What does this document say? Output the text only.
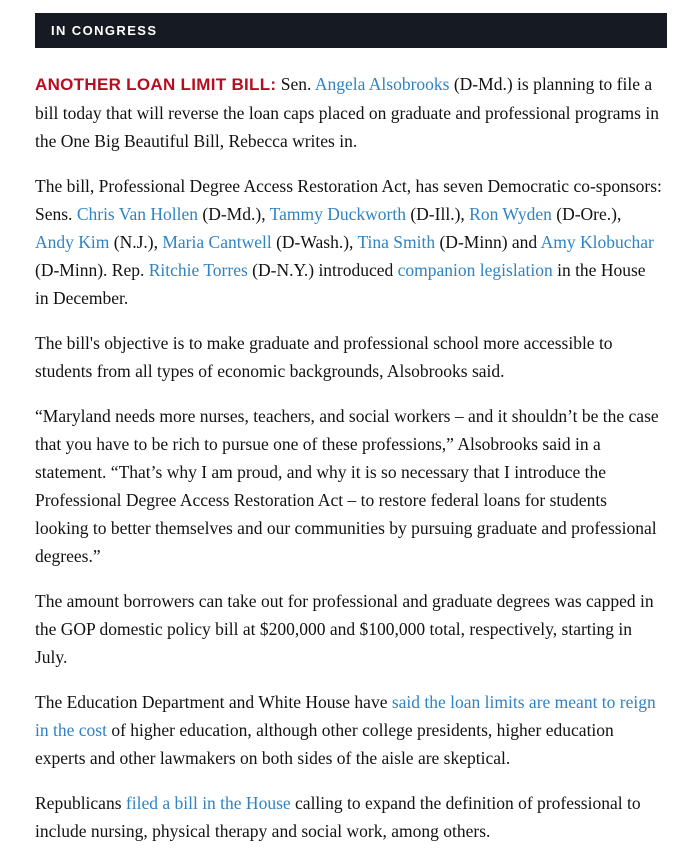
IN CONGRESS

ANOTHER LOAN LIMIT BILL: Sen. Angela Alsobrooks (D-Md.) is planning to file a bill today that will reverse the loan caps placed on graduate and professional programs in the One Big Beautiful Bill, Rebecca writes in.

The bill, Professional Degree Access Restoration Act, has seven Democratic co-sponsors: Sens. Chris Van Hollen (D-Md.), Tammy Duckworth (D-Ill.), Ron Wyden (D-Ore.), Andy Kim (N.J.), Maria Cantwell (D-Wash.), Tina Smith (D-Minn) and Amy Klobuchar (D-Minn). Rep. Ritchie Torres (D-N.Y.) introduced companion legislation in the House in December.

The bill's objective is to make graduate and professional school more accessible to students from all types of economic backgrounds, Alsobrooks said.

“Maryland needs more nurses, teachers, and social workers – and it shouldn’t be the case that you have to be rich to pursue one of these professions,” Alsobrooks said in a statement. “That’s why I am proud, and why it is so necessary that I introduce the Professional Degree Access Restoration Act – to restore federal loans for students looking to better themselves and our communities by pursuing graduate and professional degrees.”

The amount borrowers can take out for professional and graduate degrees was capped in the GOP domestic policy bill at $200,000 and $100,000 total, respectively, starting in July.

The Education Department and White House have said the loan limits are meant to reign in the cost of higher education, although other college presidents, higher education experts and other lawmakers on both sides of the aisle are skeptical.

Republicans filed a bill in the House calling to expand the definition of professional to include nursing, physical therapy and social work, among others.
